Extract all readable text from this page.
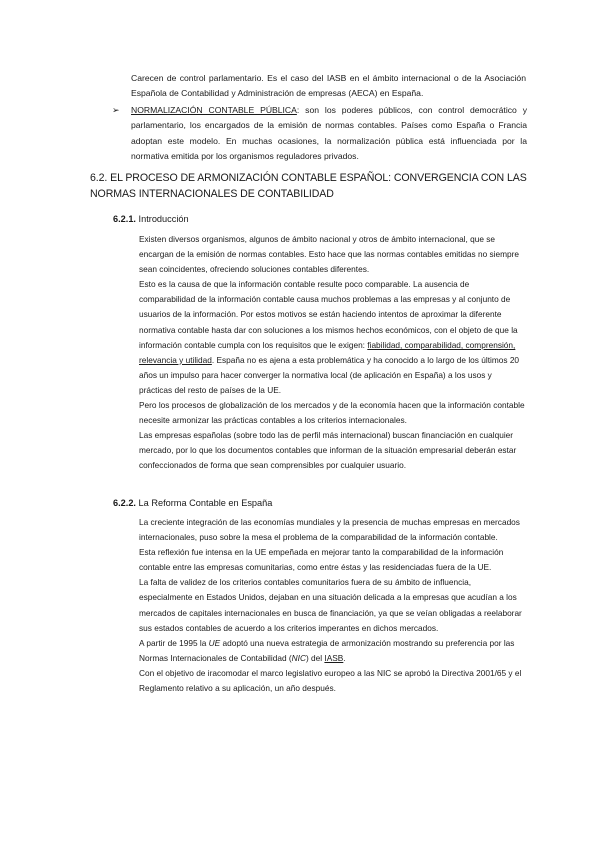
Carecen de control parlamentario. Es el caso del IASB en el ámbito internacional o de la Asociación Española de Contabilidad y Administración de empresas (AECA) en España.

➢	NORMALIZACIÓN CONTABLE PÚBLICA: son los poderes públicos, con control democrático y parlamentario, los encargados de la emisión de normas contables. Países como España o Francia adoptan este modelo. En muchas ocasiones, la normalización pública está influenciada por la normativa emitida por los organismos reguladores privados.

6.2. EL PROCESO DE ARMONIZACIÓN CONTABLE ESPAÑOL: CONVERGENCIA CON LAS NORMAS INTERNACIONALES DE CONTABILIDAD
6.2.1. Introducción

Existen diversos organismos, algunos de ámbito nacional y otros de ámbito internacional, que se encargan de la emisión de normas contables. Esto hace que las normas contables emitidas no siempre sean coincidentes, ofreciendo soluciones contables diferentes.

Esto es la causa de que la información contable resulte poco comparable. La ausencia de comparabilidad de la información contable causa muchos problemas a las empresas y al conjunto de usuarios de la información. Por estos motivos se están haciendo intentos de aproximar la diferente normativa contable hasta dar con soluciones a los mismos hechos económicos, con el objeto de que la información contable cumpla con los requisitos que le exigen: fiabilidad, comparabilidad, comprensión, relevancia y utilidad. España no es ajena a esta problemática y ha conocido a lo largo de los últimos 20 años un impulso para hacer converger la normativa local (de aplicación en España) a los usos y prácticas del resto de países de la UE.

Pero los procesos de globalización de los mercados y de la economía hacen que la información contable necesite armonizar las prácticas contables a los criterios internacionales.

Las empresas españolas (sobre todo las de perfil más internacional) buscan financiación en cualquier mercado, por lo que los documentos contables que informan de la situación empresarial deberán estar confeccionados de forma que sean comprensibles por cualquier usuario.

6.2.2. La Reforma Contable en España

La creciente integración de las economías mundiales y la presencia de muchas empresas en mercados internacionales, puso sobre la mesa el problema de la comparabilidad de la información contable.

Esta reflexión fue intensa en la UE empeñada en mejorar tanto la comparabilidad de la información contable entre las empresas comunitarias, como entre éstas y las residenciadas fuera de la UE.

La falta de validez de los criterios contables comunitarios fuera de su ámbito de influencia, especialmente en Estados Unidos, dejaban en una situación delicada a la empresas que acudían a los mercados de capitales internacionales en busca de financiación, ya que se veían obligadas a reelaborar sus estados contables de acuerdo a los criterios imperantes en dichos mercados.

A partir de 1995 la UE adoptó una nueva estrategia de armonización mostrando su preferencia por las Normas Internacionales de Contabilidad (NIC) del IASB.

Con el objetivo de iracomodar el marco legislativo europeo a las NIC se aprobó la Directiva 2001/65 y el Reglamento relativo a su aplicación, un año después.
